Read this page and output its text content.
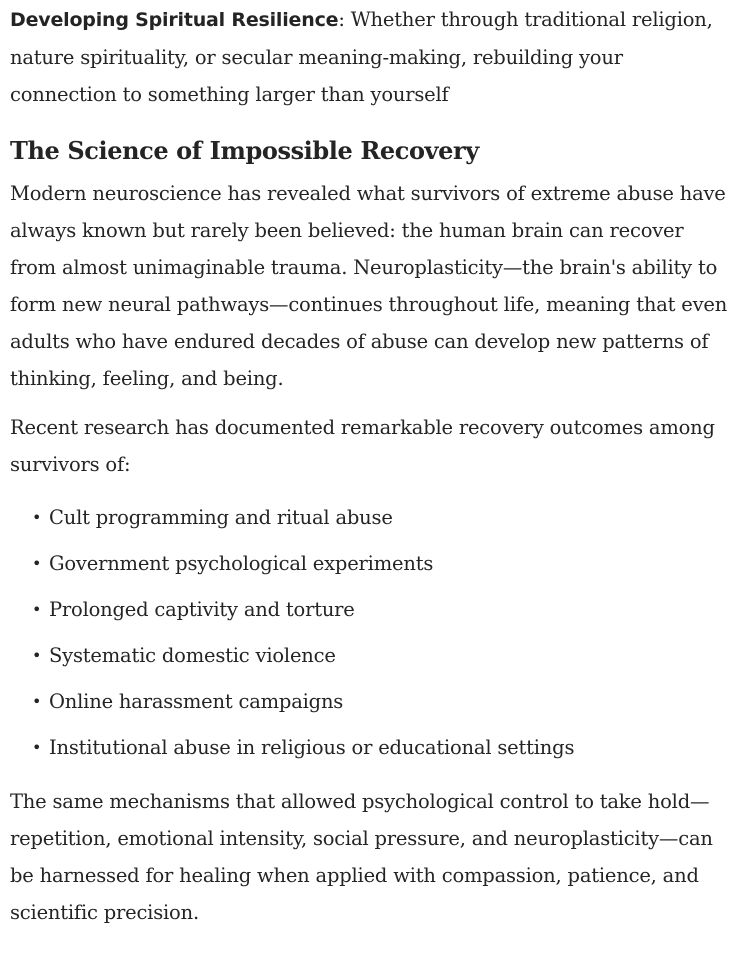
Developing Spiritual Resilience: Whether through traditional religion, nature spirituality, or secular meaning-making, rebuilding your connection to something larger than yourself

The Science of Impossible Recovery

Modern neuroscience has revealed what survivors of extreme abuse have always known but rarely been believed: the human brain can recover from almost unimaginable trauma. Neuroplasticity—the brain's ability to form new neural pathways—continues throughout life, meaning that even adults who have endured decades of abuse can develop new patterns of thinking, feeling, and being.

Recent research has documented remarkable recovery outcomes among survivors of:

• Cult programming and ritual abuse
• Government psychological experiments
• Prolonged captivity and torture
• Systematic domestic violence
• Online harassment campaigns
• Institutional abuse in religious or educational settings

The same mechanisms that allowed psychological control to take hold—repetition, emotional intensity, social pressure, and neuroplasticity—can be harnessed for healing when applied with compassion, patience, and scientific precision.
